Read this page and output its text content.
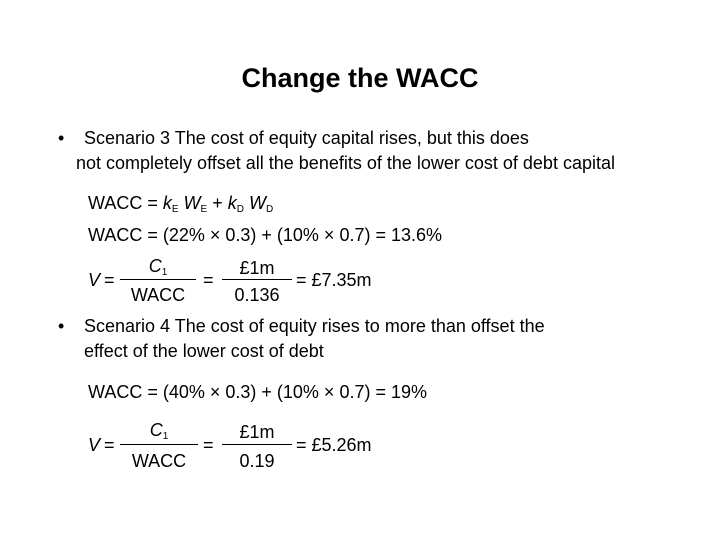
Change the WACC
• Scenario 3 The cost of equity capital rises, but this does
not completely offset all the benefits of the lower cost of debt capital
WACC = $k_E$ $W_E + k_D$ $W_D$
WACC = (22% × 0.3) + (10% × 0.7) = 13.6%
V =
$C_1$
WACC
=
£1m
0.136
= £7.35m
• Scenario 4 The cost of equity rises to more than offset the
effect of the lower cost of debt
WACC = (40% × 0.3) + (10% × 0.7) = 19%
V =
$C_1$
WACC
=
£1m
0.19
= £5.26m
